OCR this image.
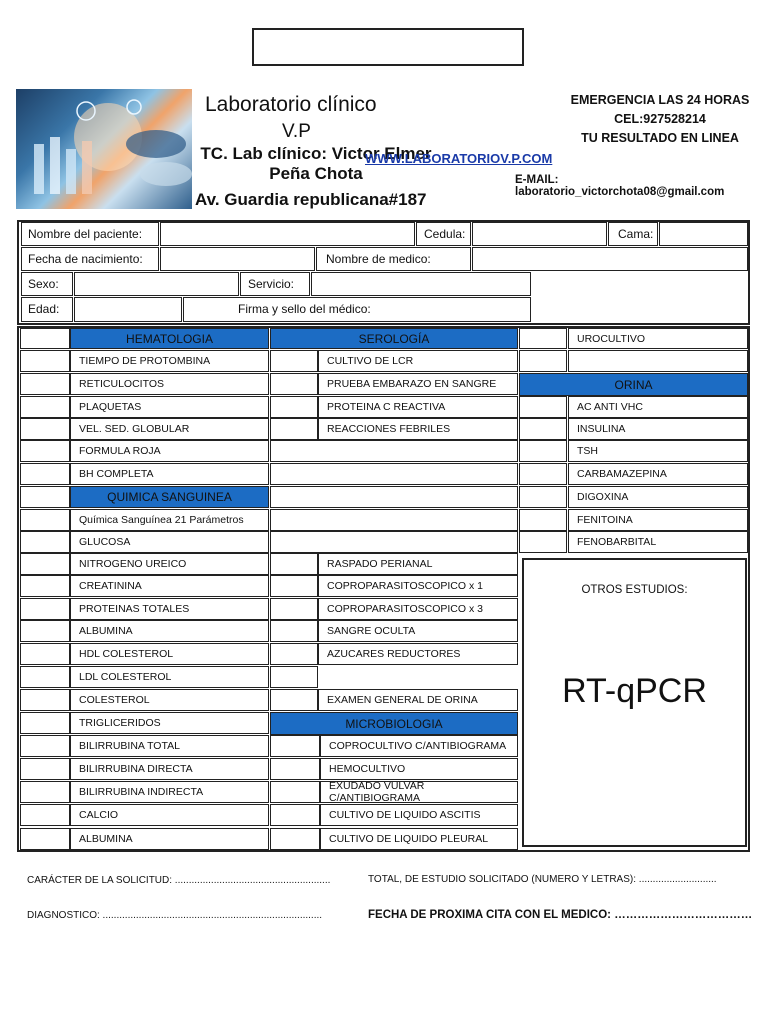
Laboratorio clínico
V.P
TC. Lab clínico: Victor Elmer Peña Chota
WWW.LABORATORIOV.P.COM
Av. Guardia republicana#187
EMERGENCIA LAS 24 HORAS
CEL:927528214
TU RESULTADO EN LINEA
E-MAIL: laboratorio_victorchota08@gmail.com
Nombre del paciente:	Cedula:	Cama:
Fecha de nacimiento:	Nombre de medico:
Sexo:	Servicio:
Edad:	Firma y sello del médico:
HEMATOLOGIA	SEROLOGÍA
ORINA
OTROS ESTUDIOS:
RT-qPCR
CARÁCTER DE LA SOLICITUD: ........................................................	TOTAL, DE ESTUDIO SOLICITADO (NUMERO Y LETRAS): ............................
DIAGNOSTICO: ...............................................................................	FECHA DE PROXIMA CITA CON EL MEDICO: ………………………………
TIEMPO DE PROTOMBINA
RETICULOCITOS
PLAQUETAS
VEL. SED. GLOBULAR
FORMULA ROJA
BH COMPLETA
QUIMICA SANGUINEA
Química Sanguínea 21 Parámetros
GLUCOSA
NITROGENO UREICO
CREATININA
PROTEINAS TOTALES
ALBUMINA
HDL COLESTEROL
LDL COLESTEROL
COLESTEROL
TRIGLICERIDOS
BILIRRUBINA TOTAL
BILIRRUBINA DIRECTA
BILIRRUBINA INDIRECTA
CALCIO
ALBUMINA
CULTIVO DE LCR
PRUEBA EMBARAZO EN SANGRE
PROTEINA C REACTIVA
REACCIONES FEBRILES
RASPADO PERIANAL
COPROPARASITOSCOPICO x 1
COPROPARASITOSCOPICO x 3
SANGRE OCULTA
AZUCARES REDUCTORES
EXAMEN GENERAL DE ORINA
MICROBIOLOGIA
COPROCULTIVO C/ANTIBIOGRAMA
HEMOCULTIVO
EXUDADO VULVAR C/ANTIBIOGRAMA
CULTIVO DE LIQUIDO ASCITIS
CULTIVO DE LIQUIDO PLEURAL
UROCULTIVO
AC ANTI VHC
INSULINA
TSH
CARBAMAZEPINA
DIGOXINA
FENITOINA
FENOBARBITAL
